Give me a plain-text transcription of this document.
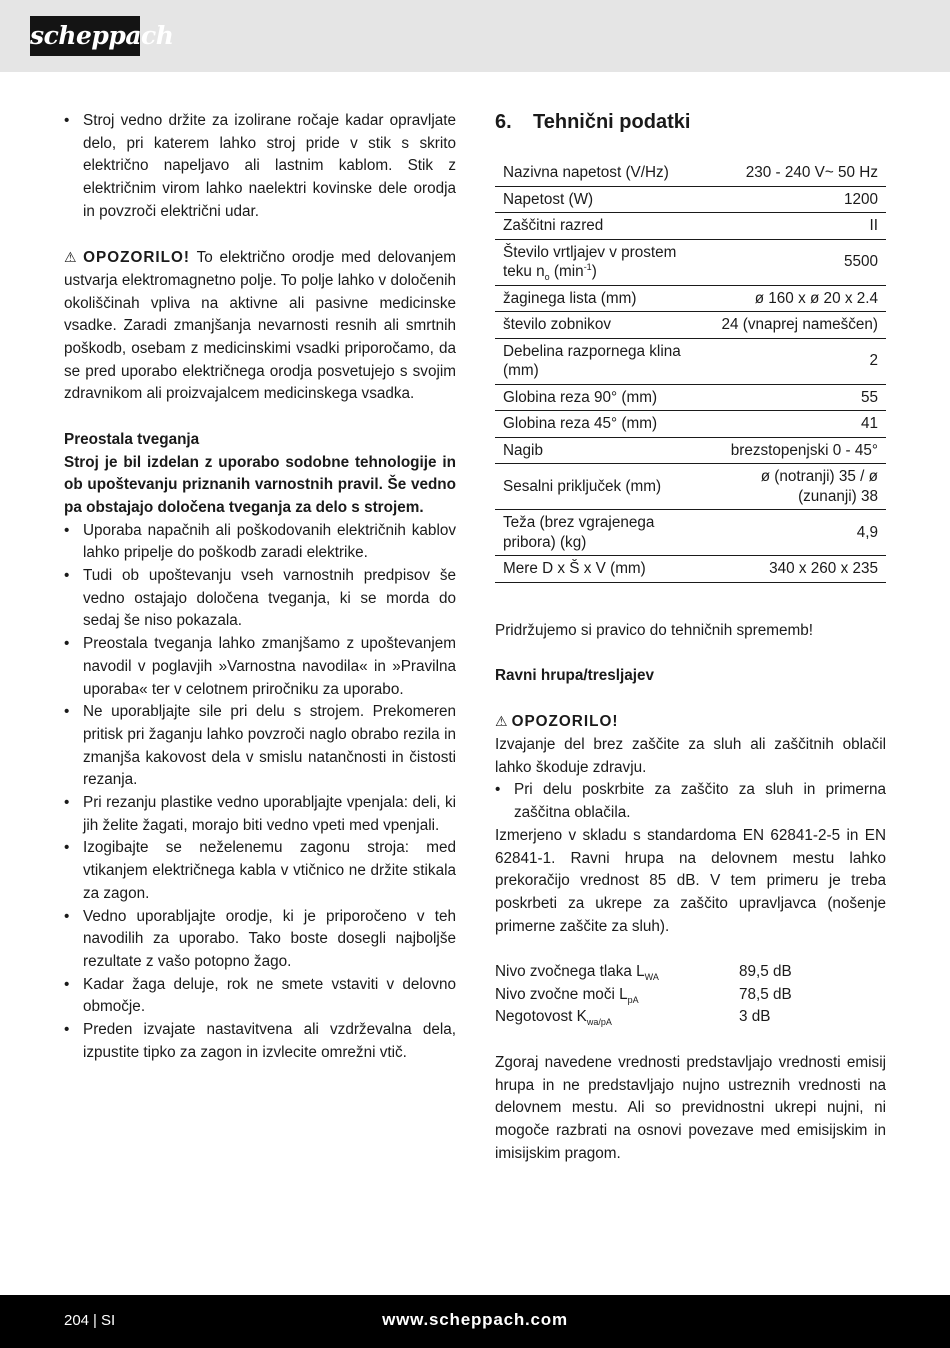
scheppach

• Stroj vedno držite za izolirane ročaje kadar opravljate delo, pri katerem lahko stroj pride v stik s skrito električno napeljavo ali lastnim kablom. Stik z električnim virom lahko naelektri kovinske dele orodja in povzroči električni udar.

⚠ OPOZORILO! To električno orodje med delovanjem ustvarja elektromagnetno polje. To polje lahko v določenih okoliščinah vpliva na aktivne ali pasivne medicinske vsadke. Zaradi zmanjšanja nevarnosti resnih ali smrtnih poškodb, osebam z medicinskimi vsadki priporočamo, da se pred uporabo električnega orodja posvetujejo s svojim zdravnikom ali proizvajalcem medicinskega vsadka.

Preostala tveganja

Stroj je bil izdelan z uporabo sodobne tehnologije in ob upoštevanju priznanih varnostnih pravil. Še vedno pa obstajajo določena tveganja za delo s strojem.

• Uporaba napačnih ali poškodovanih električnih kablov lahko pripelje do poškodb zaradi elektrike.

• Tudi ob upoštevanju vseh varnostnih predpisov še vedno ostajajo določena tveganja, ki se morda do sedaj še niso pokazala.

• Preostala tveganja lahko zmanjšamo z upoštevanjem navodil v poglavjih »Varnostna navodila« in »Pravilna uporaba« ter v celotnem priročniku za uporabo.

• Ne uporabljajte sile pri delu s strojem. Prekomeren pritisk pri žaganju lahko povzroči naglo obrabo rezila in zmanjša kakovost dela v smislu natančnosti in čistosti rezanja.

• Pri rezanju plastike vedno uporabljajte vpenjala: deli, ki jih želite žagati, morajo biti vedno vpeti med vpenjali.

• Izogibajte se neželenemu zagonu stroja: med vtikanjem električnega kabla v vtičnico ne držite stikala za zagon.

• Vedno uporabljajte orodje, ki je priporočeno v teh navodilih za uporabo. Tako boste dosegli najboljše rezultate z vašo potopno žago.

• Kadar žaga deluje, rok ne smete vstaviti v delovno območje.

• Preden izvajate nastavitvena ali vzdrževalna dela, izpustite tipko za zagon in izvlecite omrežni vtič.

6. Tehnični podatki
Nazivna napetost (V/Hz)	230 - 240 V~ 50 Hz
Napetost (W)	1200
Zaščitni razred	II
Število vrtljajev v prostem teku $n_o$ $(\min^{-1})$	5500
žaginega lista (mm)	ø 160 x ø 20 x 2.4
število zobnikov	24 (vnaprej nameščen)
Debelina razpornega klina (mm)	2
Globina reza 90° (mm)	55
Globina reza 45° (mm)	41
Nagib	brezstopenjski 0 - 45°
Sesalni priključek (mm)	ø (notranji) 35 / ø (zunanji) 38
Teža (brez vgrajenega pribora) (kg)	4,9
Mere D x Š x V (mm)	340 x 260 x 235

Pridržujemo si pravico do tehničnih sprememb!

Ravni hrupa/tresljajev

⚠ OPOZORILO!

Izvajanje del brez zaščite za sluh ali zaščitnih oblačil lahko škoduje zdravju.

• Pri delu poskrbite za zaščito za sluh in primerna zaščitna oblačila.

Izmerjeno v skladu s standardoma EN 62841-2-5 in EN 62841-1. Ravni hrupa na delovnem mestu lahko prekoračijo vrednost 85 dB. V tem primeru je treba poskrbeti za ukrepe za zaščito upravljavca (nošenje primerne zaščite za sluh).

Nivo zvočnega tlaka $L_{WA}$	89,5 dB
Nivo zvočne moči $L_{pA}$	78,5 dB
Negotovost $K_{wa/pA}$	3 dB

Zgoraj navedene vrednosti predstavljajo vrednosti emisij hrupa in ne predstavljajo nujno ustreznih vrednosti na delovnem mestu. Ali so previdnostni ukrepi nujni, ni mogoče razbrati na osnovi povezave med emisijskim in imisijskim pragom.

204 | SI	www.scheppach.com
